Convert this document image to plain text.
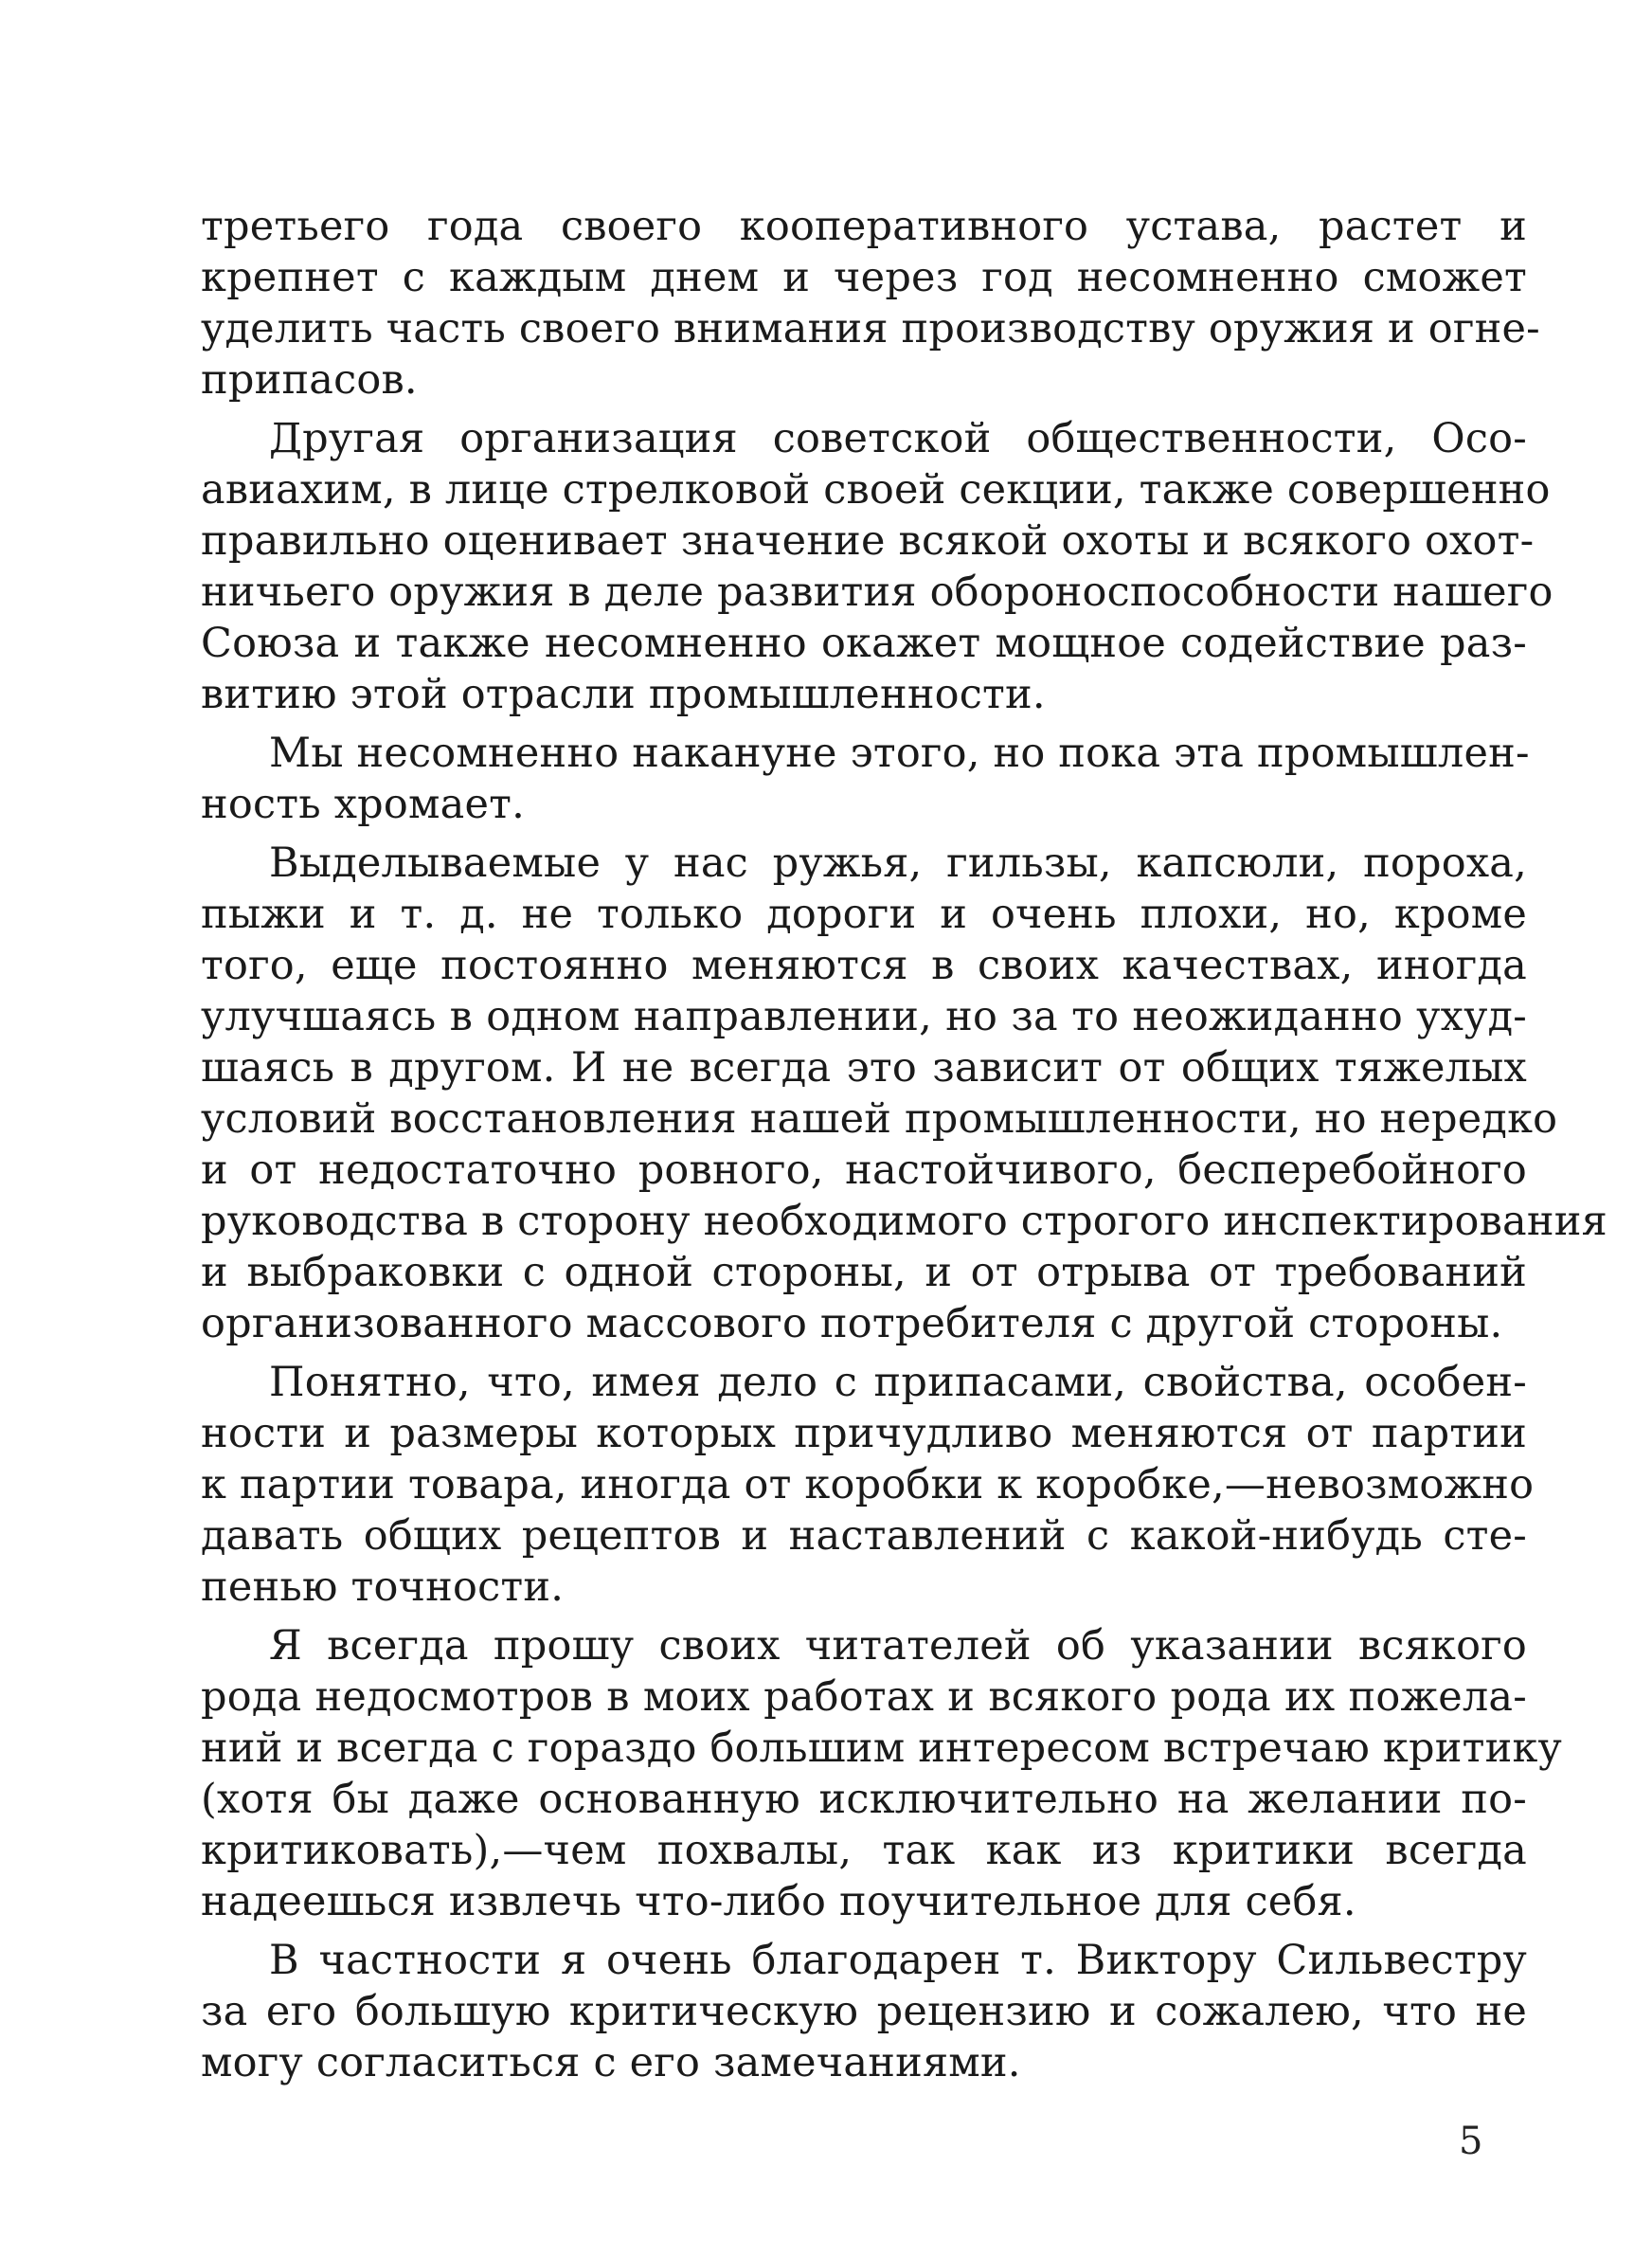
третьего года своего кооперативного устава, растет и
крепнет с каждым днем и через год несомненно сможет
уделить часть своего внимания производству оружия и огне-
припасов.
Другая организация советской общественности, Осо-
авиахим, в лице стрелковой своей секции, также совершенно
правильно оценивает значение всякой охоты и всякого охот-
ничьего оружия в деле развития обороноспособности нашего
Союза и также несомненно окажет мощное содействие раз-
витию этой отрасли промышленности.
Мы несомненно накануне этого, но пока эта промышлен-
ность хромает.
Выделываемые у нас ружья, гильзы, капсюли, пороха,
пыжи и т. д. не только дороги и очень плохи, но, кроме
того, еще постоянно меняются в своих качествах, иногда
улучшаясь в одном направлении, но за то неожиданно ухуд-
шаясь в другом. И не всегда это зависит от общих тяжелых
условий восстановления нашей промышленности, но нередко
и от недостаточно ровного, настойчивого, бесперебойного
руководства в сторону необходимого строгого инспектирования
и выбраковки с одной стороны, и от отрыва от требований
организованного массового потребителя с другой стороны.
Понятно, что, имея дело с припасами, свойства, особен-
ности и размеры которых причудливо меняются от партии
к партии товара, иногда от коробки к коробке,—невозможно
давать общих рецептов и наставлений с какой-нибудь сте-
пенью точности.
Я всегда прошу своих читателей об указании всякого
рода недосмотров в моих работах и всякого рода их пожела-
ний и всегда с гораздо большим интересом встречаю критику
(хотя бы даже основанную исключительно на желании по-
критиковать),—чем похвалы, так как из критики всегда
надеешься извлечь что-либо поучительное для себя.
В частности я очень благодарен т. Виктору Сильвестру
за его большую критическую рецензию и сожалею, что не
могу согласиться с его замечаниями.
5
